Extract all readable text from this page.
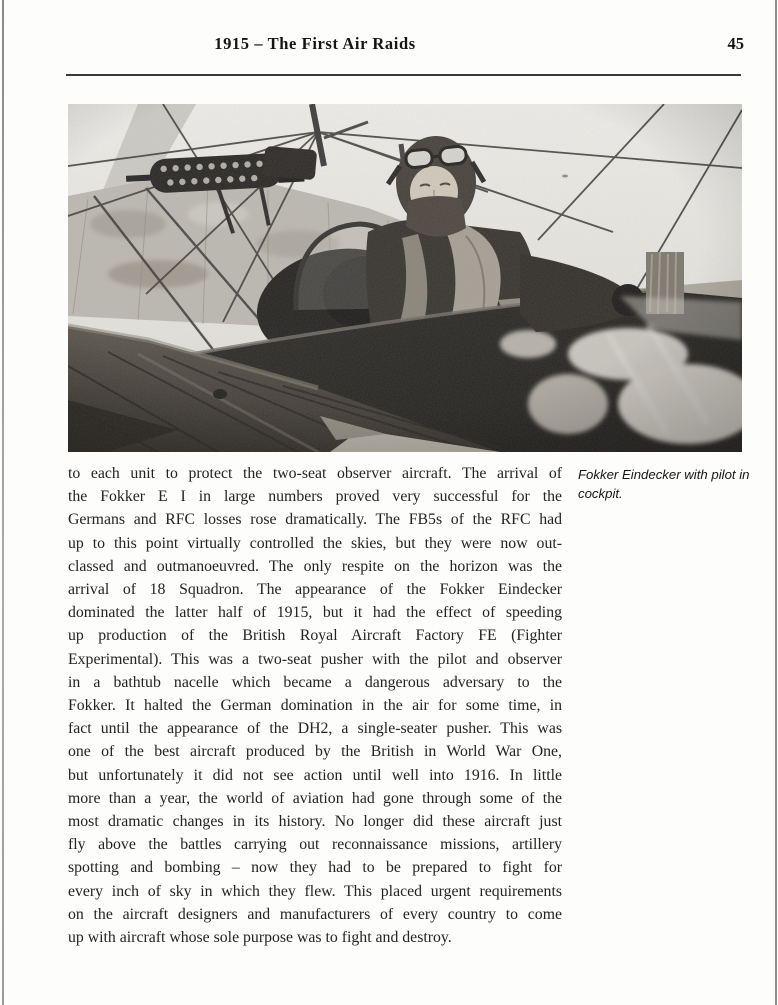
1915 – The First Air Raids	45
to each unit to protect the two-seat observer aircraft. The arrival of
the Fokker E I in large numbers proved very successful for the
Germans and RFC losses rose dramatically. The FB5s of the RFC had
up to this point virtually controlled the skies, but they were now out-
classed and outmanoeuvred. The only respite on the horizon was the
arrival of 18 Squadron. The appearance of the Fokker Eindecker
dominated the latter half of 1915, but it had the effect of speeding
up production of the British Royal Aircraft Factory FE (Fighter
Experimental). This was a two-seat pusher with the pilot and observer
in a bathtub nacelle which became a dangerous adversary to the
Fokker. It halted the German domination in the air for some time, in
fact until the appearance of the DH2, a single-seater pusher. This was
one of the best aircraft produced by the British in World War One,
but unfortunately it did not see action until well into 1916. In little
more than a year, the world of aviation had gone through some of the
most dramatic changes in its history. No longer did these aircraft just
fly above the battles carrying out reconnaissance missions, artillery
spotting and bombing – now they had to be prepared to fight for
every inch of sky in which they flew. This placed urgent requirements
on the aircraft designers and manufacturers of every country to come
up with aircraft whose sole purpose was to fight and destroy.
Fokker Eindecker with pilot in cockpit.
